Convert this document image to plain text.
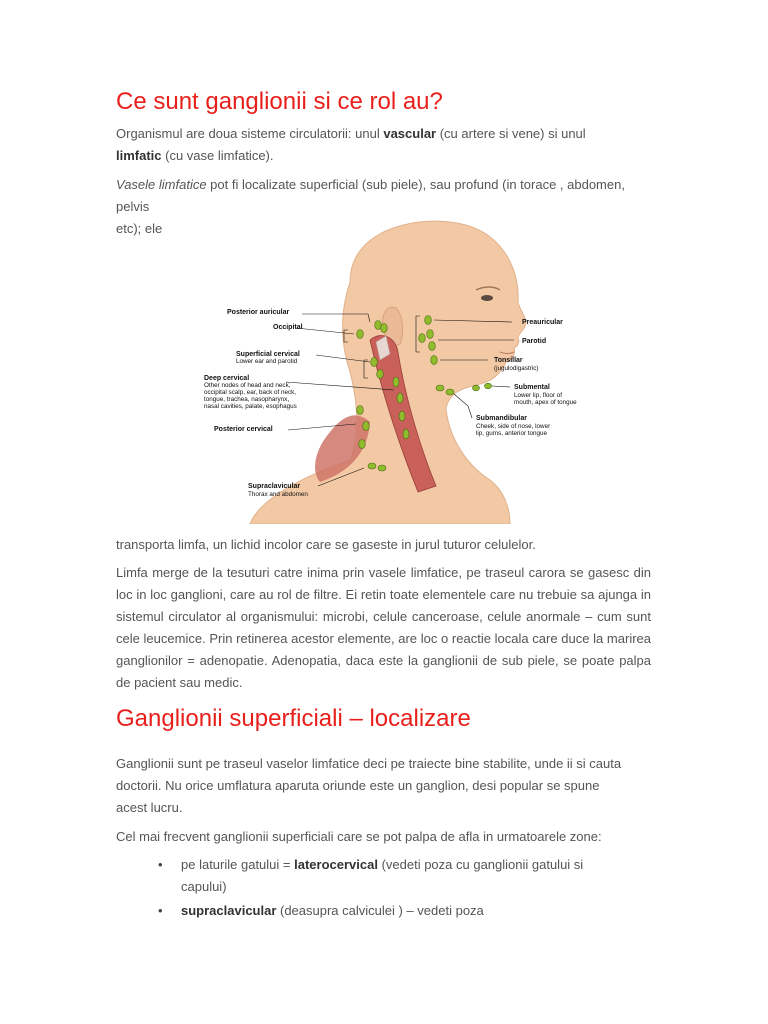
Ce sunt ganglionii si ce rol au?
Organismul are doua sisteme circulatorii: unul vascular (cu artere si vene) si unul
limfatic (cu vase limfatice).
Vasele limfatice pot fi localizate superficial (sub piele), sau profund (in torace , abdomen,
pelvis
etc); ele
Posterior auricular
Occipital
Superficial cervical
Lower ear and parotid
Deep cervical
Other nodes of head and neck,
occipital scalp, ear, back of neck,
tongue, trachea, nasopharynx,
nasal cavities, palate, esophagus
Posterior cervical
Supraclavicular
Thorax and abdomen
Preauricular
Parotid
Tonsillar
(jugulodigastric)
Submental
Lower lip, floor of
mouth, apex of tongue
Submandibular
Cheek, side of nose, lower
lip, gums, anterior tongue
transporta limfa, un lichid incolor care se gaseste in jurul tuturor celulelor.
Limfa merge de la tesuturi catre inima prin vasele limfatice, pe traseul carora se gasesc din loc in loc ganglioni, care au rol de filtre. Ei retin toate elementele care nu trebuie sa ajunga in sistemul circulator al organismului: microbi, celule canceroase, celule anormale – cum sunt cele leucemice. Prin retinerea acestor elemente, are loc o reactie locala care duce la marirea ganglionilor = adenopatie. Adenopatia, daca este la ganglionii de sub piele, se poate palpa de pacient sau medic.
Ganglionii superficiali – localizare
Ganglionii sunt pe traseul vaselor limfatice deci pe traiecte bine stabilite, unde ii si cauta
doctorii. Nu orice umflatura aparuta oriunde este un ganglion, desi popular se spune
acest lucru.
Cel mai frecvent ganglionii superficiali care se pot palpa de afla in urmatoarele zone:
• pe laturile gatului = laterocervical (vedeti poza cu ganglionii gatului si
capului)
• supraclavicular (deasupra calviculei ) – vedeti poza
